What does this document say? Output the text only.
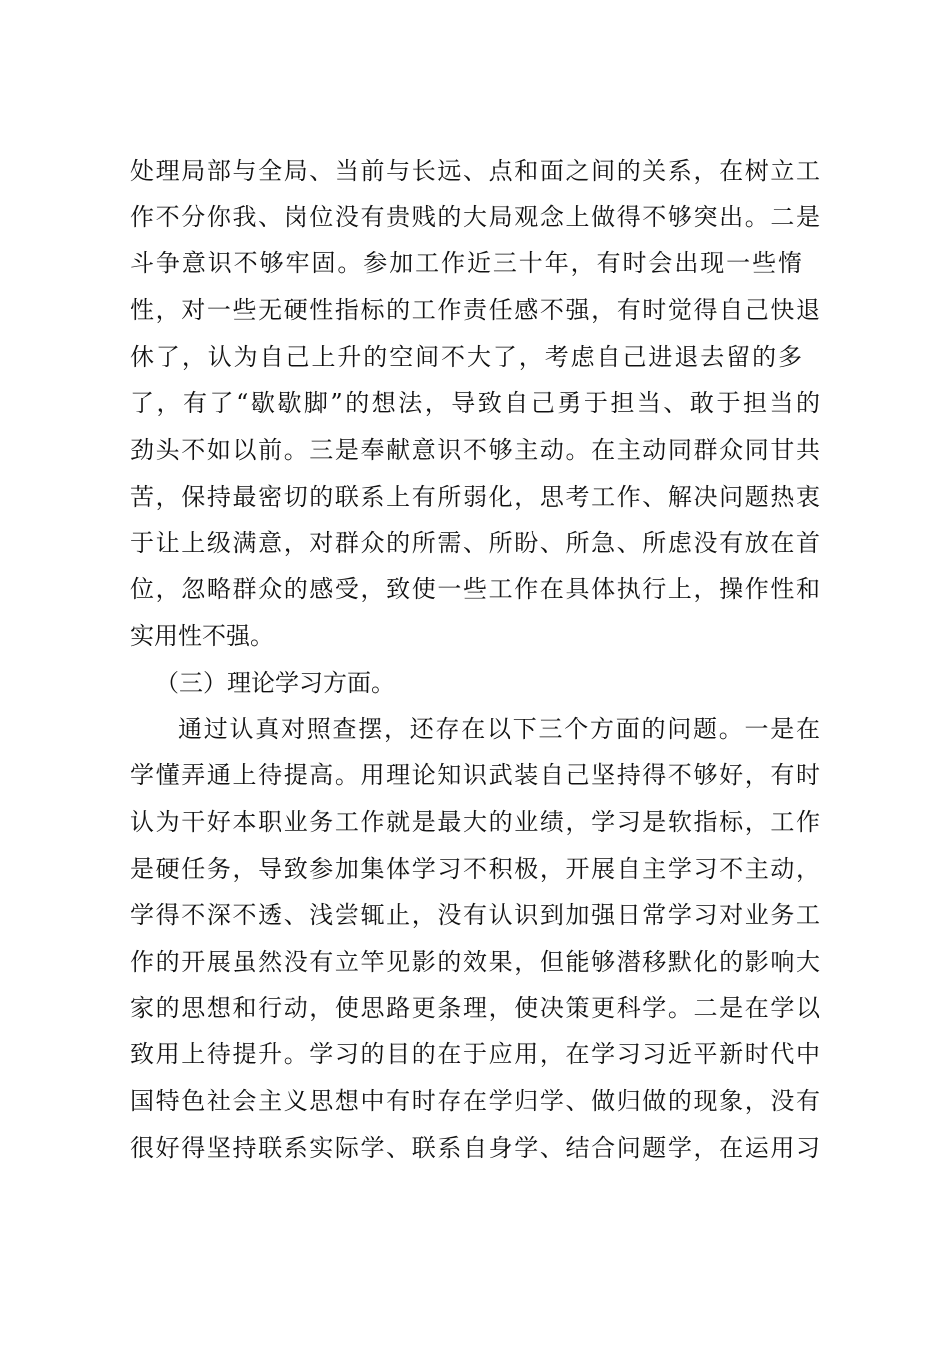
处理局部与全局、当前与长远、点和面之间的关系，在树立工
作不分你我、岗位没有贵贱的大局观念上做得不够突出。二是
斗争意识不够牢固。参加工作近三十年，有时会出现一些惰
性，对一些无硬性指标的工作责任感不强，有时觉得自己快退
休了，认为自己上升的空间不大了，考虑自己进退去留的多
了，有了“歇歇脚”的想法，导致自己勇于担当、敢于担当的
劲头不如以前。三是奉献意识不够主动。在主动同群众同甘共
苦，保持最密切的联系上有所弱化，思考工作、解决问题热衷
于让上级满意，对群众的所需、所盼、所急、所虑没有放在首
位，忽略群众的感受，致使一些工作在具体执行上，操作性和
实用性不强。
（三）理论学习方面。
通过认真对照查摆，还存在以下三个方面的问题。一是在
学懂弄通上待提高。用理论知识武装自己坚持得不够好，有时
认为干好本职业务工作就是最大的业绩，学习是软指标，工作
是硬任务，导致参加集体学习不积极，开展自主学习不主动，
学得不深不透、浅尝辄止，没有认识到加强日常学习对业务工
作的开展虽然没有立竿见影的效果，但能够潜移默化的影响大
家的思想和行动，使思路更条理，使决策更科学。二是在学以
致用上待提升。学习的目的在于应用，在学习习近平新时代中
国特色社会主义思想中有时存在学归学、做归做的现象，没有
很好得坚持联系实际学、联系自身学、结合问题学，在运用习
